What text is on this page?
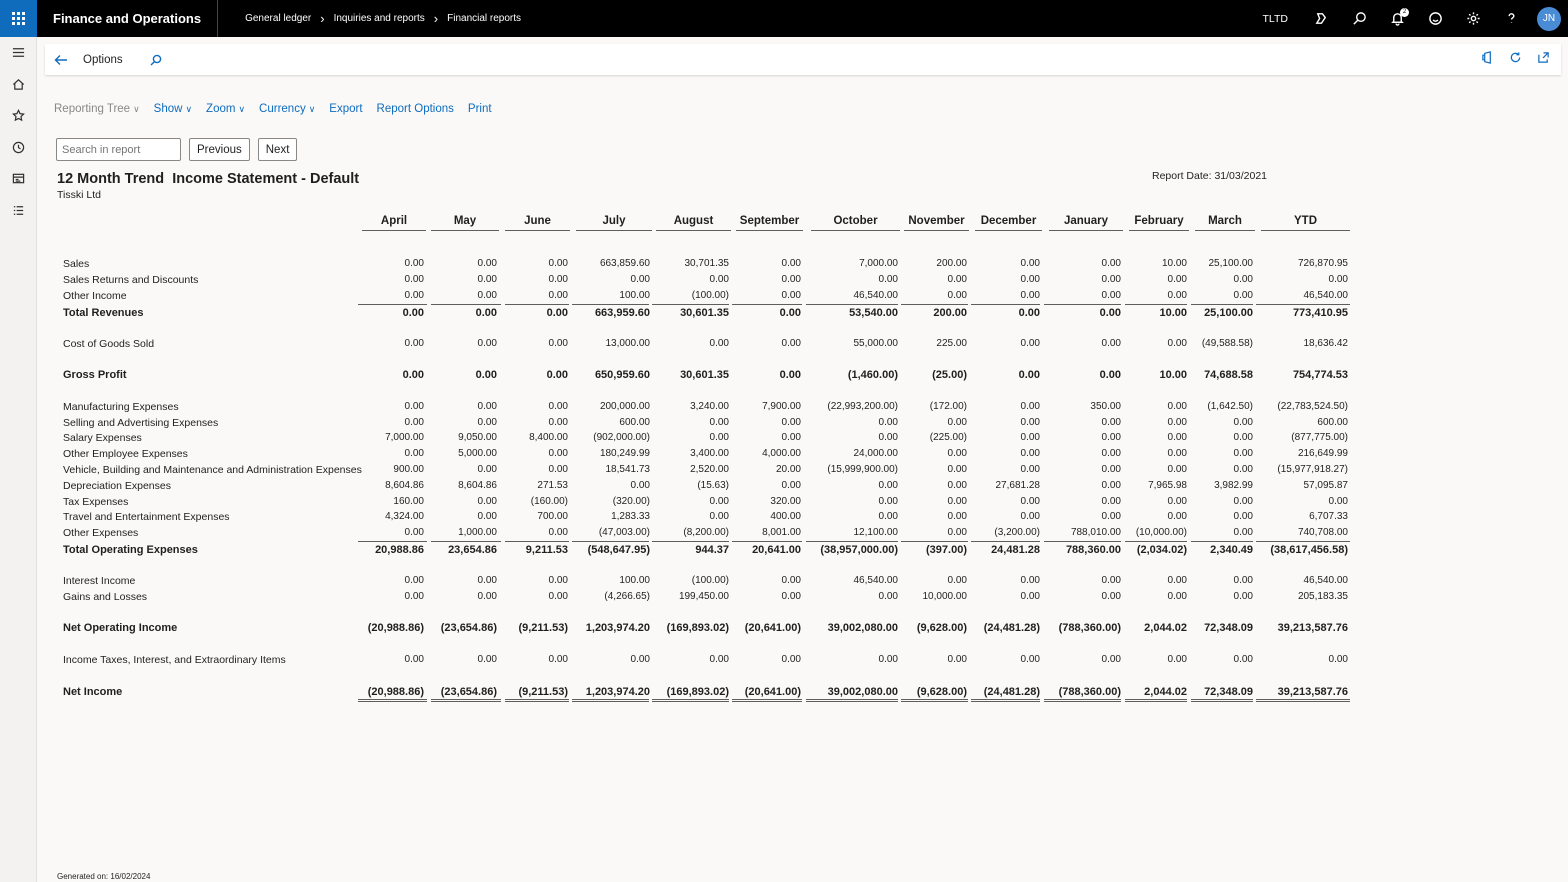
Finance and Operations	General ledger › Inquiries and reports › Financial reports	TLTD
2
JN
Options
Reporting Tree ∨ Show ∨ Zoom ∨ Currency ∨ Export Report Options Print
Search in report
Previous	Next
12 Month Trend  Income Statement - Default
Tisski Ltd
Report Date: 31/03/2021
Generated on: 16/02/2024
April	May	June	July	August	September	October	November	December	January	February	March	YTD
Sales	0.00	0.00	0.00	663,859.60	30,701.35	0.00	7,000.00	200.00	0.00	0.00	10.00 25,100.00	726,870.95
Sales Returns and Discounts	0.00	0.00	0.00	0.00	0.00	0.00	0.00	0.00	0.00	0.00	0.00	0.00	0.00
Other Income	0.00	0.00	0.00	100.00	(100.00)	0.00	46,540.00	0.00	0.00	0.00	0.00	0.00	46,540.00
Total Revenues	0.00	0.00	0.00 663,959.60	30,601.35	0.00	53,540.00	200.00	0.00	0.00	10.00 25,100.00	773,410.95
Cost of Goods Sold	0.00	0.00	0.00	13,000.00	0.00	0.00	55,000.00	225.00	0.00	0.00	0.00 (49,588.58)	18,636.42
Gross Profit	0.00	0.00	0.00 650,959.60	30,601.35	0.00	(1,460.00)	(25.00)	0.00	0.00	10.00 74,688.58	754,774.53
Manufacturing Expenses	0.00	0.00	0.00	200,000.00	3,240.00	7,900.00	(22,993,200.00)	(172.00)	0.00	350.00	0.00 (1,642.50) (22,783,524.50)
Selling and Advertising Expenses	0.00	0.00	0.00	600.00	0.00	0.00	0.00	0.00	0.00	0.00	0.00	0.00	600.00
Salary Expenses	7,000.00	9,050.00	8,400.00	(902,000.00)	0.00	0.00	0.00	(225.00)	0.00	0.00	0.00	0.00	(877,775.00)
Other Employee Expenses	0.00	5,000.00	0.00	180,249.99	3,400.00	4,000.00	24,000.00	0.00	0.00	0.00	0.00	0.00	216,649.99
Vehicle, Building and Maintenance and Administration Expenses	900.00	0.00	0.00	18,541.73	2,520.00	20.00	(15,999,900.00)	0.00	0.00	0.00	0.00	0.00 (15,977,918.27)
Depreciation Expenses	8,604.86	8,604.86	271.53	0.00	(15.63)	0.00	0.00	0.00	27,681.28	0.00	7,965.98	3,982.99	57,095.87
Tax Expenses	160.00	0.00	(160.00)	(320.00)	0.00	320.00	0.00	0.00	0.00	0.00	0.00	0.00	0.00
Travel and Entertainment Expenses	4,324.00	0.00	700.00	1,283.33	0.00	400.00	0.00	0.00	0.00	0.00	0.00	0.00	6,707.33
Other Expenses	0.00	1,000.00	0.00	(47,003.00)	(8,200.00)	8,001.00	12,100.00	0.00	(3,200.00)	788,010.00 (10,000.00)	0.00	740,708.00
Total Operating Expenses	20,988.86 23,654.86	9,211.53 (548,647.95)	944.37 20,641.00 (38,957,000.00)	(397.00) 24,481.28 788,360.00 (2,034.02) 2,340.49 (38,617,456.58)
Interest Income	0.00	0.00	0.00	100.00	(100.00)	0.00	46,540.00	0.00	0.00	0.00	0.00	0.00	46,540.00
Gains and Losses	0.00	0.00	0.00	(4,266.65)	199,450.00	0.00	0.00 10,000.00	0.00	0.00	0.00	0.00	205,183.35
Net Operating Income	(20,988.86) (23,654.86) (9,211.53) 1,203,974.20 (169,893.02) (20,641.00) 39,002,080.00 (9,628.00) (24,481.28) (788,360.00) 2,044.02 72,348.09 39,213,587.76
Income Taxes, Interest, and Extraordinary Items	0.00	0.00	0.00	0.00	0.00	0.00	0.00	0.00	0.00	0.00	0.00	0.00	0.00
Net Income	(20,988.86) (23,654.86) (9,211.53) 1,203,974.20 (169,893.02) (20,641.00) 39,002,080.00 (9,628.00) (24,481.28) (788,360.00) 2,044.02 72,348.09 39,213,587.76
